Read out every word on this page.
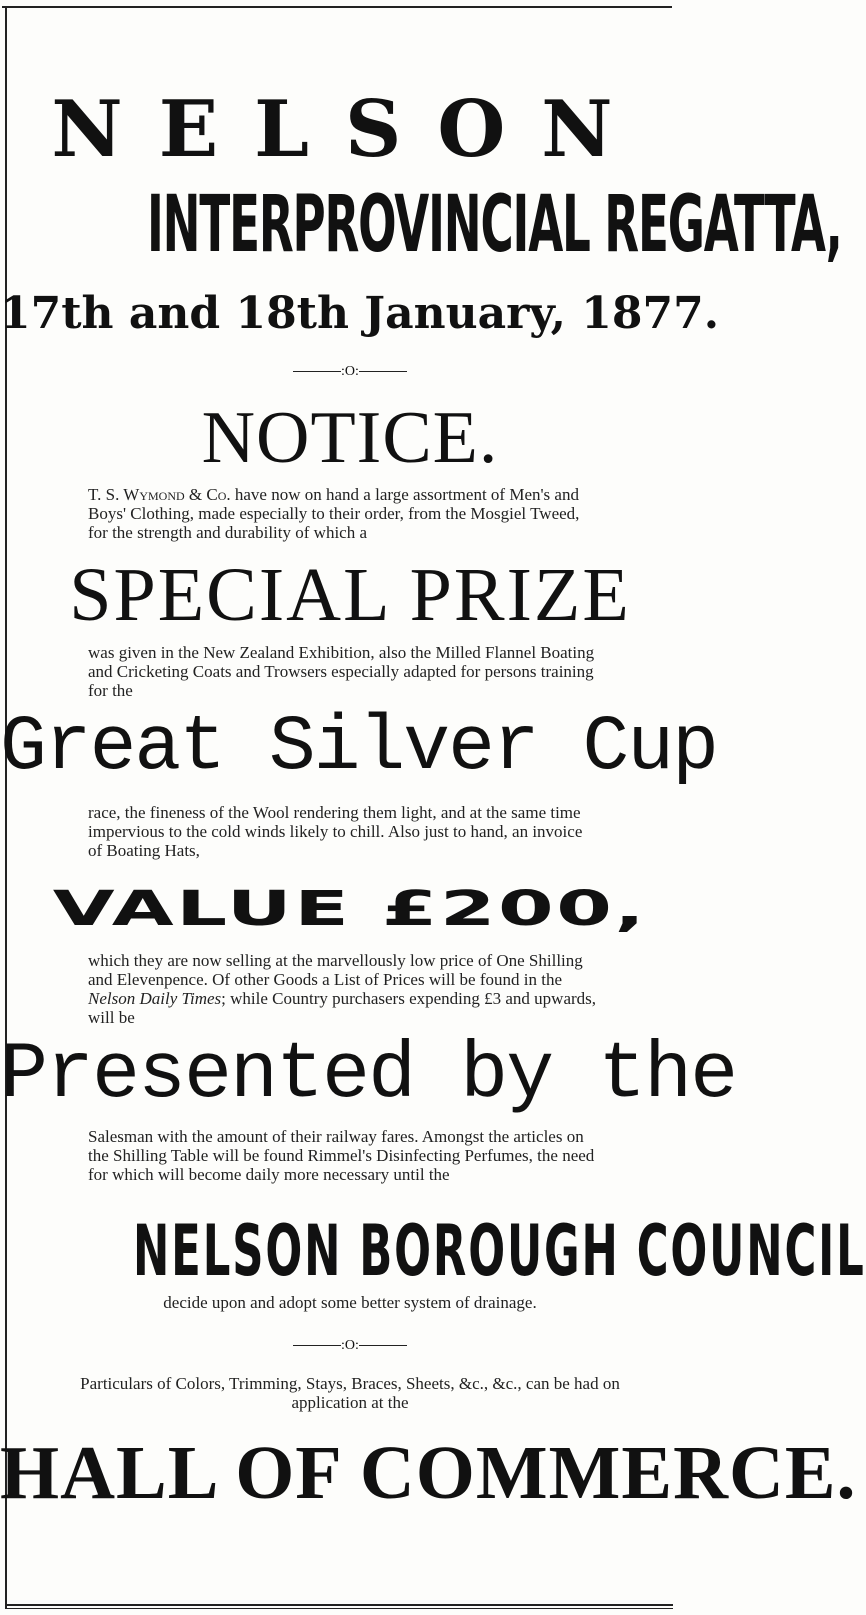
NELSON
INTERPROVINCIAL REGATTA,
17th and 18th January, 1877.
:O:
NOTICE.
T. S. Wymond & Co. have now on hand a large assortment of Men's and Boys' Clothing, made especially to their order, from the Mosgiel Tweed, for the strength and durability of which a
SPECIAL PRIZE
was given in the New Zealand Exhibition, also the Milled Flannel Boating and Cricketing Coats and Trowsers especially adapted for persons training for the
Great Silver Cup
race, the fineness of the Wool rendering them light, and at the same time impervious to the cold winds likely to chill. Also just to hand, an invoice of Boating Hats,
VALUE £200,
which they are now selling at the marvellously low price of One Shilling and Elevenpence. Of other Goods a List of Prices will be found in the Nelson Daily Times; while Country purchasers expending £3 and upwards, will be
Presented by the
Salesman with the amount of their railway fares. Amongst the articles on the Shilling Table will be found Rimmel's Disinfecting Perfumes, the need for which will become daily more necessary until the
NELSON BOROUGH COUNCIL
decide upon and adopt some better system of drainage.
:O:
Particulars of Colors, Trimming, Stays, Braces, Sheets, &c., &c., can be had on application at the
HALL OF COMMERCE.
